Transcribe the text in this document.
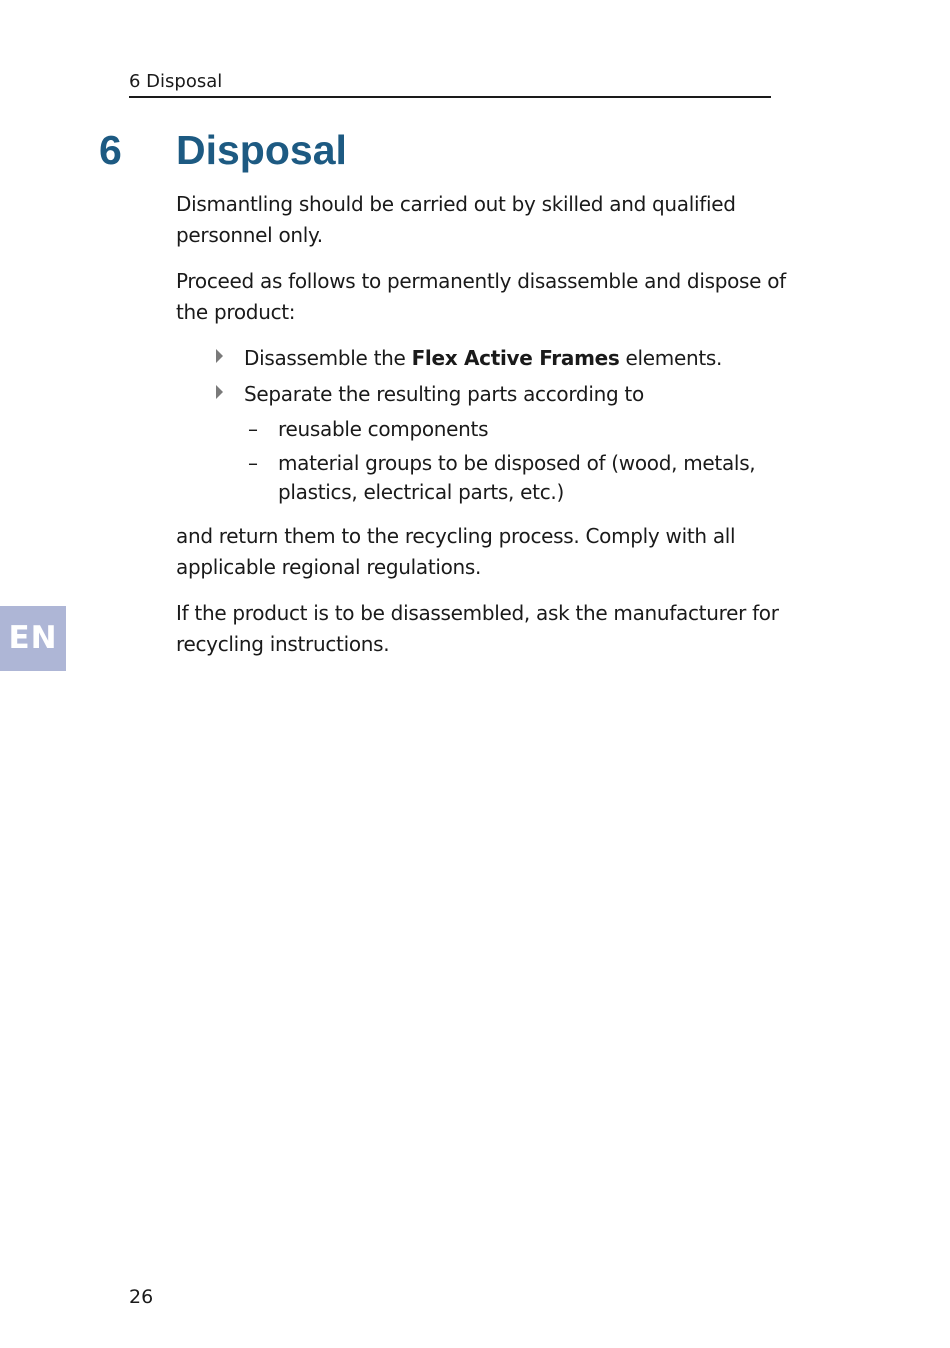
6 Disposal
6 Disposal

Dismantling should be carried out by skilled and qualified personnel only.

Proceed as follows to permanently disassemble and dispose of the product:

Disassemble the Flex Active Frames elements.
Separate the resulting parts according to
– reusable components
– material groups to be disposed of (wood, metals, plastics, electrical parts, etc.)

and return them to the recycling process. Comply with all applicable regional regulations.

If the product is to be disassembled, ask the manufacturer for recycling instructions.

EN
26
